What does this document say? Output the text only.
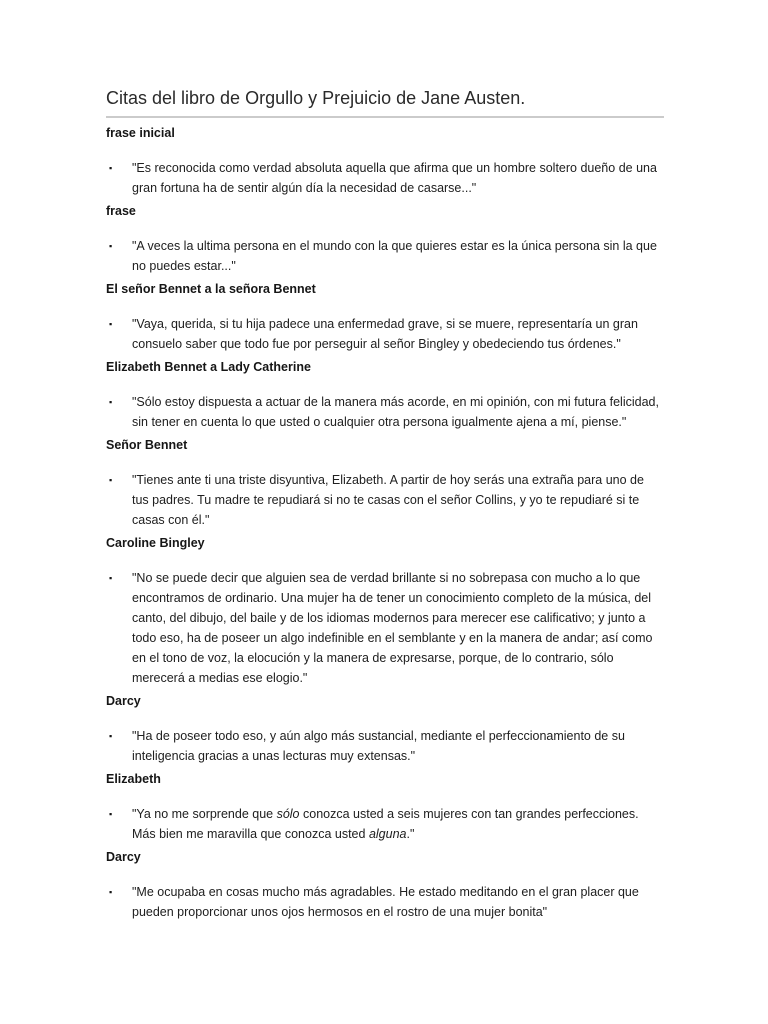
Citas del libro de Orgullo y Prejuicio de Jane Austen.
frase inicial
▪ "Es reconocida como verdad absoluta aquella que afirma que un hombre soltero dueño de una gran fortuna ha de sentir algún día la necesidad de casarse..."

frase
▪ "A veces la ultima persona en el mundo con la que quieres estar es la única persona sin la que no puedes estar..."

El señor Bennet a la señora Bennet
▪ "Vaya, querida, si tu hija padece una enfermedad grave, si se muere, representaría un gran consuelo saber que todo fue por perseguir al señor Bingley y obedeciendo tus órdenes."

Elizabeth Bennet a Lady Catherine
▪ "Sólo estoy dispuesta a actuar de la manera más acorde, en mi opinión, con mi futura felicidad, sin tener en cuenta lo que usted o cualquier otra persona igualmente ajena a mí, piense."

Señor Bennet
▪ "Tienes ante ti una triste disyuntiva, Elizabeth. A partir de hoy serás una extraña para uno de tus padres. Tu madre te repudiará si no te casas con el señor Collins, y yo te repudiaré si te casas con él."

Caroline Bingley
▪ "No se puede decir que alguien sea de verdad brillante si no sobrepasa con mucho a lo que encontramos de ordinario. Una mujer ha de tener un conocimiento completo de la música, del canto, del dibujo, del baile y de los idiomas modernos para merecer ese calificativo; y junto a todo eso, ha de poseer un algo indefinible en el semblante y en la manera de andar; así como en el tono de voz, la elocución y la manera de expresarse, porque, de lo contrario, sólo merecerá a medias ese elogio."

Darcy
▪ "Ha de poseer todo eso, y aún algo más sustancial, mediante el perfeccionamiento de su inteligencia gracias a unas lecturas muy extensas."

Elizabeth
▪ "Ya no me sorprende que sólo conozca usted a seis mujeres con tan grandes perfecciones. Más bien me maravilla que conozca usted alguna."

Darcy
▪ "Me ocupaba en cosas mucho más agradables. He estado meditando en el gran placer que pueden proporcionar unos ojos hermosos en el rostro de una mujer bonita"
